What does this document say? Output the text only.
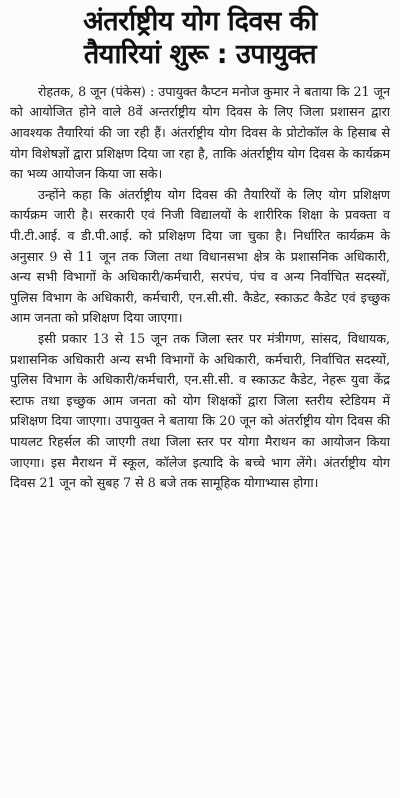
अंतर्राष्ट्रीय योग दिवस की
तैयारियां शुरू : उपायुक्त

रोहतक, 8 जून (पंकेस) : उपायुक्त कैप्टन मनोज कुमार ने बताया कि 21 जून को आयोजित होने वाले 8वें अन्तर्राष्ट्रीय योग दिवस के लिए जिला प्रशासन द्वारा आवश्यक तैयारियां की जा रही हैं। अंतर्राष्ट्रीय योग दिवस के प्रोटोकॉल के हिसाब से योग विशेषज्ञों द्वारा प्रशिक्षण दिया जा रहा है, ताकि अंतर्राष्ट्रीय योग दिवस के कार्यक्रम का भव्य आयोजन किया जा सके।

उन्होंने कहा कि अंतर्राष्ट्रीय योग दिवस की तैयारियों के लिए योग प्रशिक्षण कार्यक्रम जारी है। सरकारी एवं निजी विद्यालयों के शारीरिक शिक्षा के प्रवक्ता व पी.टी.आई. व डी.पी.आई. को प्रशिक्षण दिया जा चुका है। निर्धारित कार्यक्रम के अनुसार 9 से 11 जून तक जिला तथा विधानसभा क्षेत्र के प्रशासनिक अधिकारी, अन्य सभी विभागों के अधिकारी/कर्मचारी, सरपंच, पंच व अन्य निर्वाचित सदस्यों, पुलिस विभाग के अधिकारी, कर्मचारी, एन.सी.सी. कैडेट, स्काऊट कैडेट एवं इच्छुक आम जनता को प्रशिक्षण दिया जाएगा।

इसी प्रकार 13 से 15 जून तक जिला स्तर पर मंत्रीगण, सांसद, विधायक, प्रशासनिक अधिकारी अन्य सभी विभागों के अधिकारी, कर्मचारी, निर्वाचित सदस्यों, पुलिस विभाग के अधिकारी/कर्मचारी, एन.सी.सी. व स्काऊट कैडेट, नेहरू युवा केंद्र स्टाफ तथा इच्छुक आम जनता को योग शिक्षकों द्वारा जिला स्तरीय स्टेडियम में प्रशिक्षण दिया जाएगा। उपायुक्त ने बताया कि 20 जून को अंतर्राष्ट्रीय योग दिवस की पायलट रिहर्सल की जाएगी तथा जिला स्तर पर योगा मैराथन का आयोजन किया जाएगा। इस मैराथन में स्कूल, कॉलेज इत्यादि के बच्चे भाग लेंगे। अंतर्राष्ट्रीय योग दिवस 21 जून को सुबह 7 से 8 बजे तक सामूहिक योगाभ्यास होगा।
